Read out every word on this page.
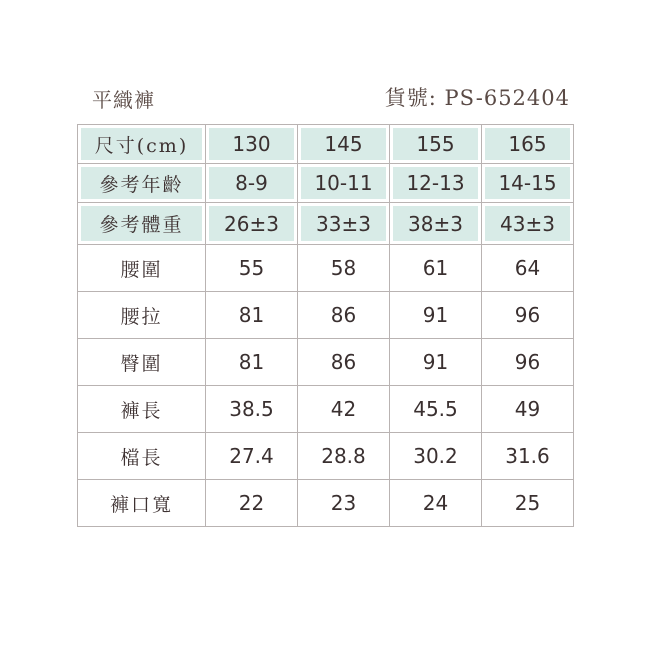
平織褲	貨號: PS-652404
尺寸(cm)	130	145	155	165
參考年齡	8-9	10-11	12-13	14-15
參考體重	26±3	33±3	38±3	43±3
腰圍	55	58	61	64
腰拉	81	86	91	96
臀圍	81	86	91	96
褲長	38.5	42	45.5	49
檔長	27.4	28.8	30.2	31.6
褲口寬	22	23	24	25
